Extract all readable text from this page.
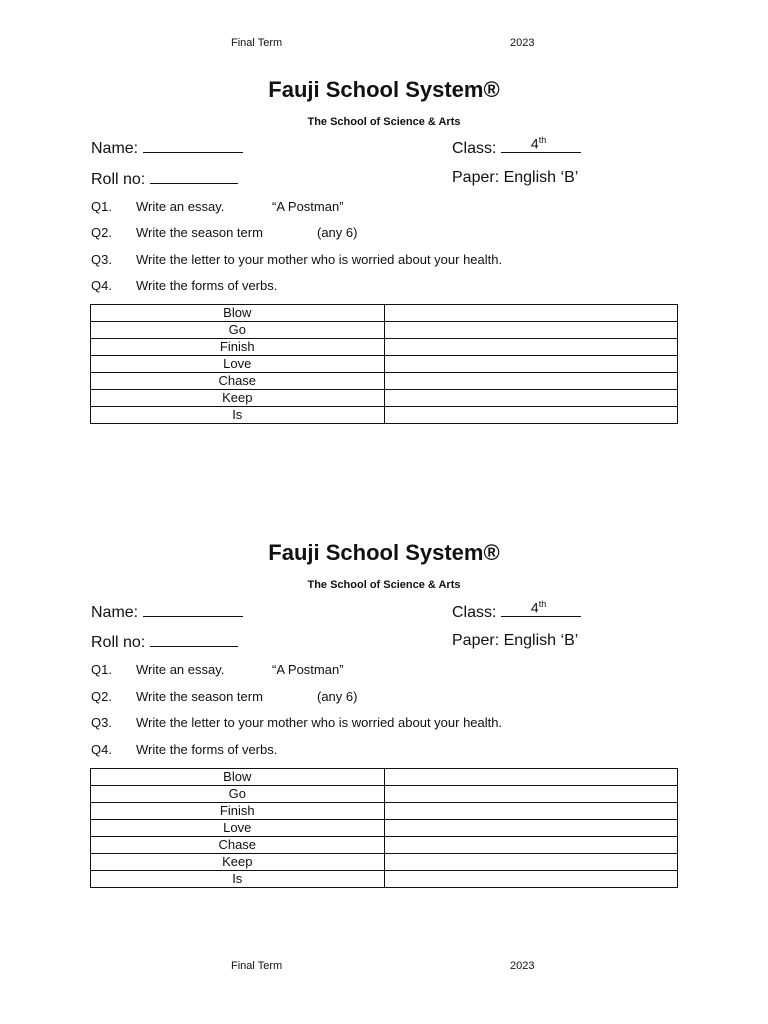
Final Term	2023
Fauji School System®
The School of Science & Arts
Name:	Class: 4th
Roll no:	Paper: English ‘B’
Q1. Write an essay.	“A Postman”
Q2. Write the season term	(any 6)
Q3. Write the letter to your mother who is worried about your health.
Q4. Write the forms of verbs.
Blow	
Go	
Finish	
Love	
Chase	
Keep	
Is	
Fauji School System®
The School of Science & Arts
Name:	Class: 4th
Roll no:	Paper: English ‘B’
Q1. Write an essay.	“A Postman”
Q2. Write the season term	(any 6)
Q3. Write the letter to your mother who is worried about your health.
Q4. Write the forms of verbs.
Blow	
Go	
Finish	
Love	
Chase	
Keep	
Is	
Final Term	2023
